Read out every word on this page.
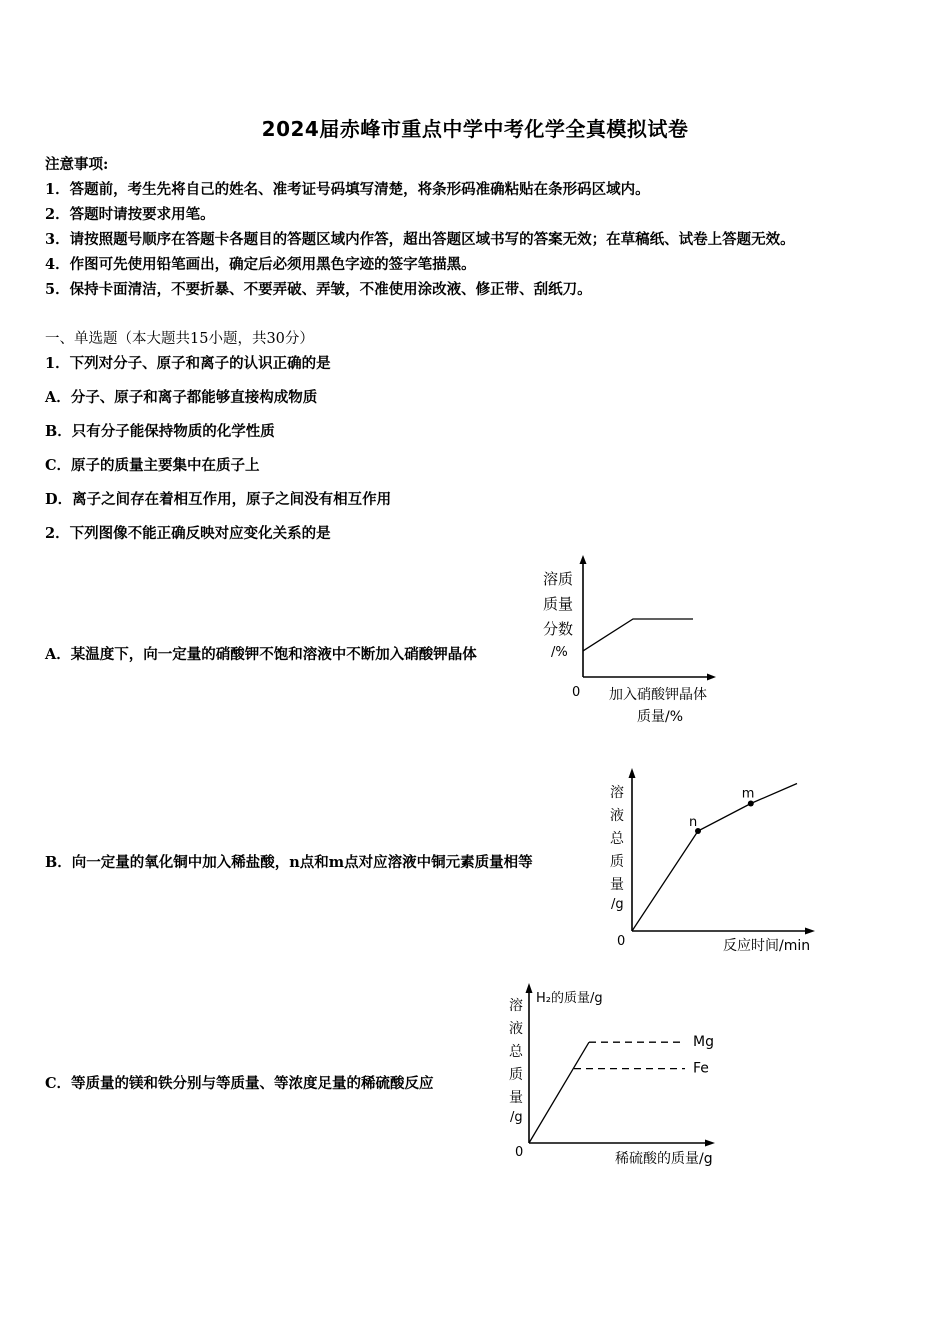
2024届赤峰市重点中学中考化学全真模拟试卷
注意事项:
1．答题前，考生先将自己的姓名、准考证号码填写清楚，将条形码准确粘贴在条形码区域内。
2．答题时请按要求用笔。
3．请按照题号顺序在答题卡各题目的答题区域内作答，超出答题区域书写的答案无效；在草稿纸、试卷上答题无效。
4．作图可先使用铅笔画出，确定后必须用黑色字迹的签字笔描黑。
5．保持卡面清洁，不要折暴、不要弄破、弄皱，不准使用涂改液、修正带、刮纸刀。
一、单选题（本大题共15小题，共30分）
1．下列对分子、原子和离子的认识正确的是
A．分子、原子和离子都能够直接构成物质
B．只有分子能保持物质的化学性质
C．原子的质量主要集中在质子上
D．离子之间存在着相互作用，原子之间没有相互作用
2．下列图像不能正确反映对应变化关系的是
A．某温度下，向一定量的硝酸钾不饱和溶液中不断加入硝酸钾晶体
B．向一定量的氧化铜中加入稀盐酸，n点和m点对应溶液中铜元素质量相等
C．等质量的镁和铁分别与等质量、等浓度足量的稀硫酸反应
溶质
质量
分数
/%
0 加入硝酸钾晶体
质量/%
n
m
溶
液
总
质
量
/g
0	反应时间/min
Mg
Fe
H₂的质量/g
溶
液
总
质
量
/g
0	稀硫酸的质量/g
